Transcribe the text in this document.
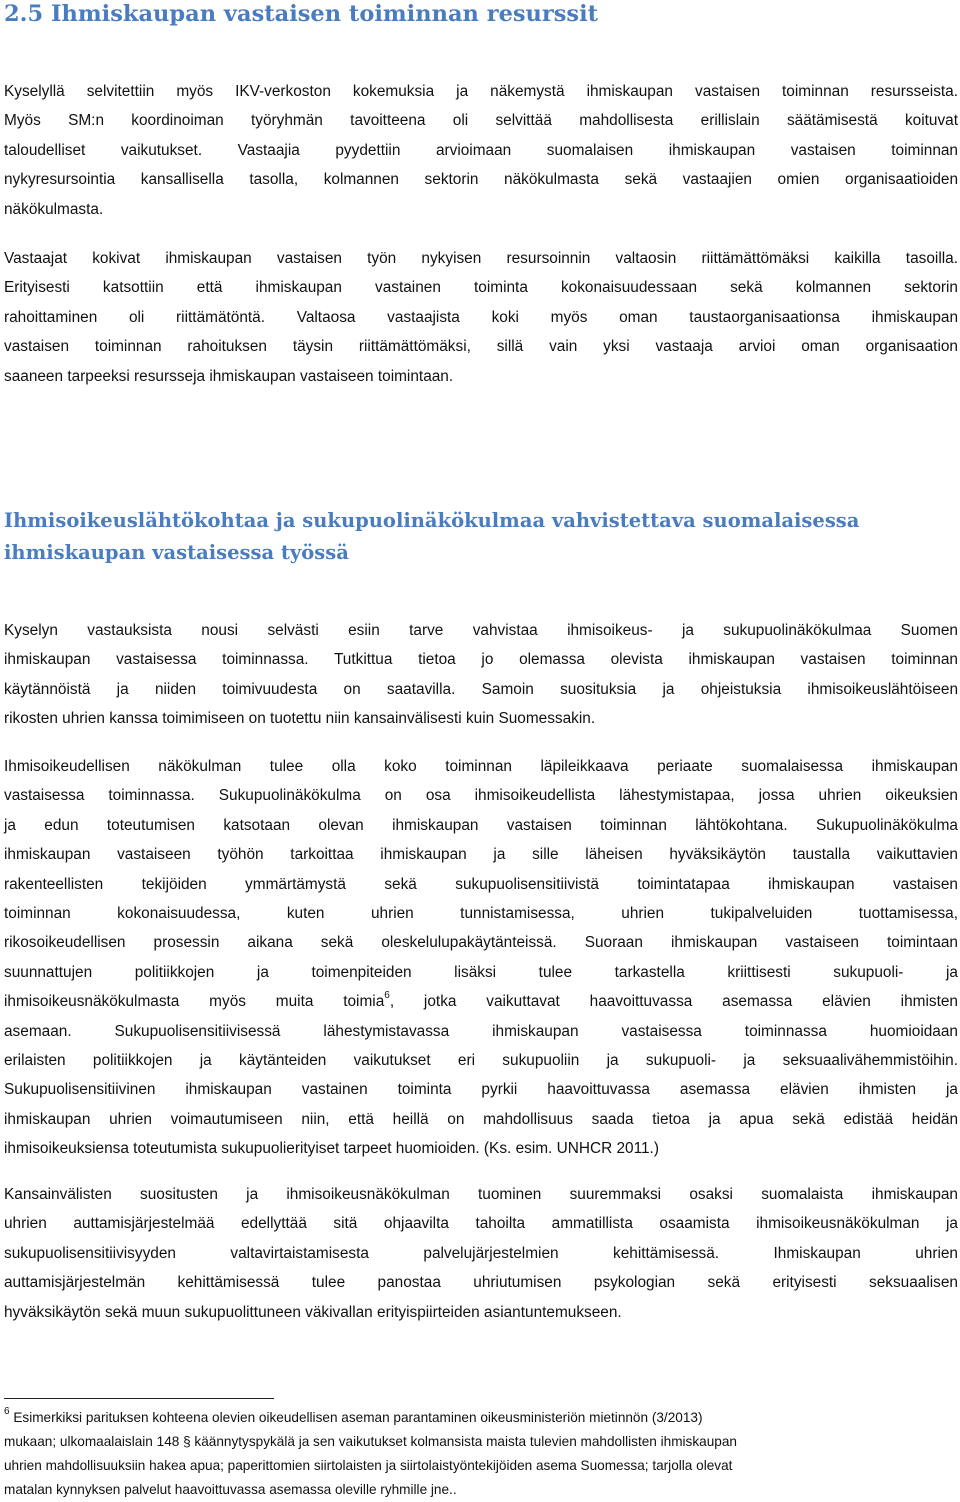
2.5 Ihmiskaupan vastaisen toiminnan resurssit
Kyselyllä selvitettiin myös IKV-verkoston kokemuksia ja näkemystä ihmiskaupan vastaisen toiminnan resursseista.
Myös SM:n koordinoiman työryhmän tavoitteena oli selvittää mahdollisesta erillislain säätämisestä koituvat
taloudelliset vaikutukset. Vastaajia pyydettiin arvioimaan suomalaisen ihmiskaupan vastaisen toiminnan
nykyresursointia kansallisella tasolla, kolmannen sektorin näkökulmasta sekä vastaajien omien organisaatioiden
näkökulmasta.
Vastaajat kokivat ihmiskaupan vastaisen työn nykyisen resursoinnin valtaosin riittämättömäksi kaikilla tasoilla.
Erityisesti katsottiin että ihmiskaupan vastainen toiminta kokonaisuudessaan sekä kolmannen sektorin
rahoittaminen oli riittämätöntä. Valtaosa vastaajista koki myös oman taustaorganisaationsa ihmiskaupan
vastaisen toiminnan rahoituksen täysin riittämättömäksi, sillä vain yksi vastaaja arvioi oman organisaation
saaneen tarpeeksi resursseja ihmiskaupan vastaiseen toimintaan.
Ihmisoikeuslähtökohtaa ja sukupuolinäkökulmaa vahvistettava suomalaisessa
ihmiskaupan vastaisessa työssä
Kyselyn vastauksista nousi selvästi esiin tarve vahvistaa ihmisoikeus- ja sukupuolinäkökulmaa Suomen
ihmiskaupan vastaisessa toiminnassa. Tutkittua tietoa jo olemassa olevista ihmiskaupan vastaisen toiminnan
käytännöistä ja niiden toimivuudesta on saatavilla. Samoin suosituksia ja ohjeistuksia ihmisoikeuslähtöiseen
rikosten uhrien kanssa toimimiseen on tuotettu niin kansainvälisesti kuin Suomessakin.
Ihmisoikeudellisen näkökulman tulee olla koko toiminnan läpileikkaava periaate suomalaisessa ihmiskaupan
vastaisessa toiminnassa. Sukupuolinäkökulma on osa ihmisoikeudellista lähestymistapaa, jossa uhrien oikeuksien
ja edun toteutumisen katsotaan olevan ihmiskaupan vastaisen toiminnan lähtökohtana. Sukupuolinäkökulma
ihmiskaupan vastaiseen työhön tarkoittaa ihmiskaupan ja sille läheisen hyväksikäytön taustalla vaikuttavien
rakenteellisten tekijöiden ymmärtämystä sekä sukupuolisensitiivistä toimintatapaa ihmiskaupan vastaisen
toiminnan kokonaisuudessa, kuten uhrien tunnistamisessa, uhrien tukipalveluiden tuottamisessa,
rikosoikeudellisen prosessin aikana sekä oleskelulupakäytänteissä. Suoraan ihmiskaupan vastaiseen toimintaan
suunnattujen politiikkojen ja toimenpiteiden lisäksi tulee tarkastella kriittisesti sukupuoli- ja
ihmisoikeusnäkökulmasta myös muita toimia$^6$, jotka vaikuttavat haavoittuvassa asemassa elävien ihmisten
asemaan. Sukupuolisensitiivisessä lähestymistavassa ihmiskaupan vastaisessa toiminnassa huomioidaan
erilaisten politiikkojen ja käytänteiden vaikutukset eri sukupuoliin ja sukupuoli- ja seksuaalivähemmistöihin.
Sukupuolisensitiivinen ihmiskaupan vastainen toiminta pyrkii haavoittuvassa asemassa elävien ihmisten ja
ihmiskaupan uhrien voimautumiseen niin, että heillä on mahdollisuus saada tietoa ja apua sekä edistää heidän
ihmisoikeuksiensa toteutumista sukupuolierityiset tarpeet huomioiden. (Ks. esim. UNHCR 2011.)
Kansainvälisten suositusten ja ihmisoikeusnäkökulman tuominen suuremmaksi osaksi suomalaista ihmiskaupan
uhrien auttamisjärjestelmää edellyttää sitä ohjaavilta tahoilta ammatillista osaamista ihmisoikeusnäkökulman ja
sukupuolisensitiivisyyden valtavirtaistamisesta palvelujärjestelmien kehittämisessä. Ihmiskaupan uhrien
auttamisjärjestelmän kehittämisessä tulee panostaa uhriutumisen psykologian sekä erityisesti seksuaalisen
hyväksikäytön sekä muun sukupuolittuneen väkivallan erityispiirteiden asiantuntemukseen.
$^6$ Esimerkiksi parituksen kohteena olevien oikeudellisen aseman parantaminen oikeusministeriön mietinnön (3/2013)
mukaan; ulkomaalaislain 148 § käännytyspykälä ja sen vaikutukset kolmansista maista tulevien mahdollisten ihmiskaupan
uhrien mahdollisuuksiin hakea apua; paperittomien siirtolaisten ja siirtolaistyöntekijöiden asema Suomessa; tarjolla olevat
matalan kynnyksen palvelut haavoittuvassa asemassa oleville ryhmille jne..
